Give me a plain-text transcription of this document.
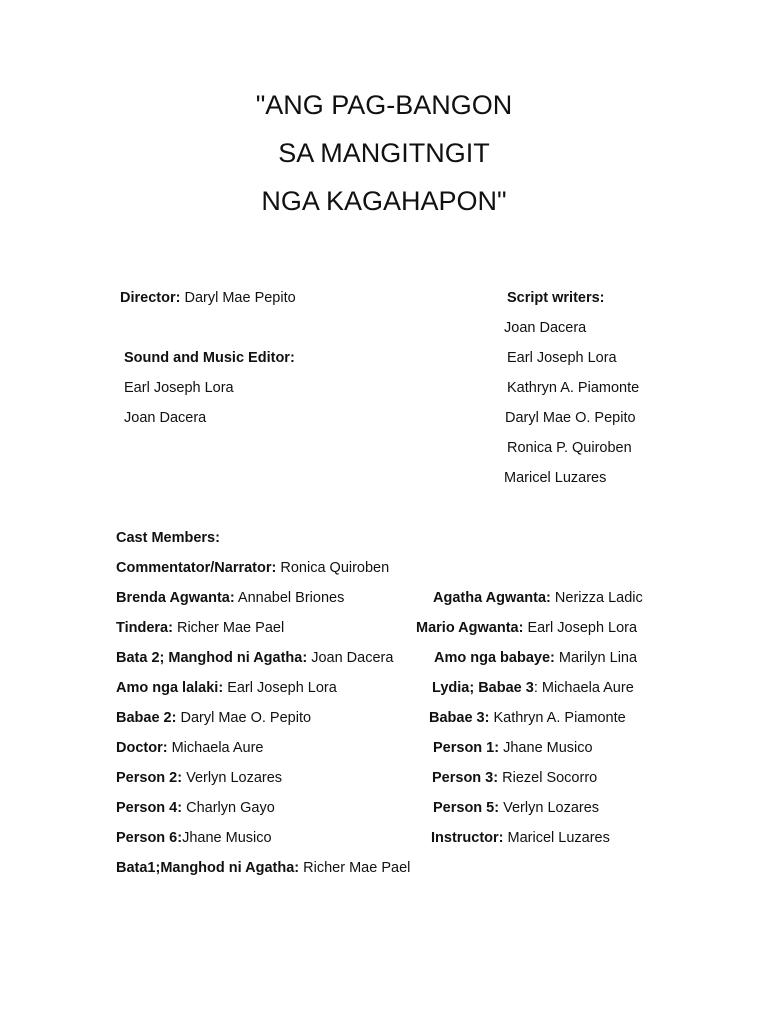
"ANG PAG-BANGON
SA MANGITNGIT
NGA KAGAHAPON"
Director: Daryl Mae Pepito
Sound and Music Editor:
Earl Joseph Lora
Joan Dacera
Script writers:
Joan Dacera
Earl Joseph Lora
Kathryn A. Piamonte
Daryl Mae O. Pepito
Ronica P. Quiroben
Maricel Luzares
Cast Members:
Commentator/Narrator: Ronica Quiroben
Brenda Agwanta: Annabel Briones
Tindera: Richer Mae Pael
Bata 2; Manghod ni Agatha: Joan Dacera
Amo nga lalaki: Earl Joseph Lora
Babae 2: Daryl Mae O. Pepito
Doctor: Michaela Aure
Person 2: Verlyn Lozares
Person 4: Charlyn Gayo
Person 6:Jhane Musico
Bata1;Manghod ni Agatha: Richer Mae Pael
Agatha Agwanta: Nerizza Ladic
Mario Agwanta: Earl Joseph Lora
Amo nga babaye: Marilyn Lina
Lydia; Babae 3: Michaela Aure
Babae 3: Kathryn A. Piamonte
Person 1: Jhane Musico
Person 3: Riezel Socorro
Person 5: Verlyn Lozares
Instructor: Maricel Luzares
